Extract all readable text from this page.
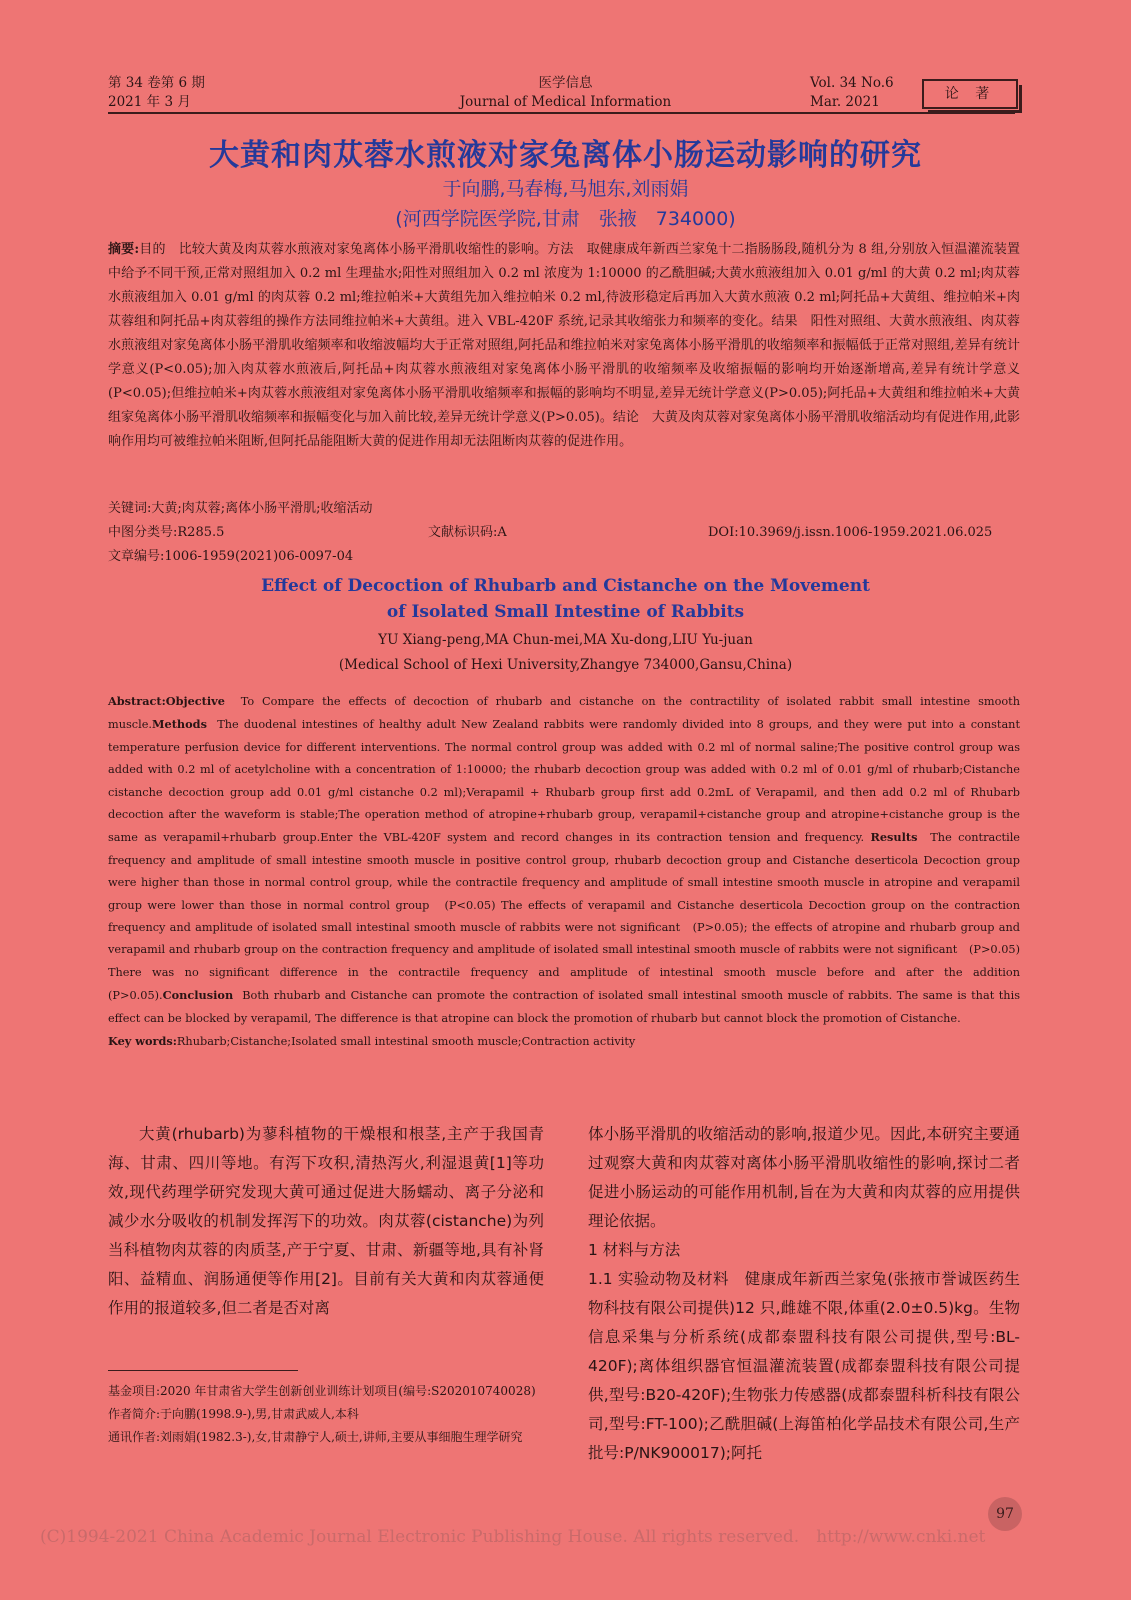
第 34 卷第 6 期
2021 年 3 月
医学信息
Journal of Medical Information
Vol. 34 No.6
Mar. 2021	论 著
大黄和肉苁蓉水煎液对家兔离体小肠运动影响的研究
于向鹏,马春梅,马旭东,刘雨娟
(河西学院医学院,甘肃　张掖　734000)
摘要:目的　比较大黄及肉苁蓉水煎液对家兔离体小肠平滑肌收缩性的影响。方法　取健康成年新西兰家兔十二指肠肠段,随机分为 8 组,分别放入恒温灌流装置中给予不同干预,正常对照组加入 0.2 ml 生理盐水;阳性对照组加入 0.2 ml 浓度为 1:10000 的乙酰胆碱;大黄水煎液组加入 0.01 g/ml 的大黄 0.2 ml;肉苁蓉水煎液组加入 0.01 g/ml 的肉苁蓉 0.2 ml;维拉帕米+大黄组先加入维拉帕米 0.2 ml,待波形稳定后再加入大黄水煎液 0.2 ml;阿托品+大黄组、维拉帕米+肉苁蓉组和阿托品+肉苁蓉组的操作方法同维拉帕米+大黄组。进入 VBL-420F 系统,记录其收缩张力和频率的变化。结果　阳性对照组、大黄水煎液组、肉苁蓉水煎液组对家兔离体小肠平滑肌收缩频率和收缩波幅均大于正常对照组,阿托品和维拉帕米对家兔离体小肠平滑肌的收缩频率和振幅低于正常对照组,差异有统计学意义(P<0.05);加入肉苁蓉水煎液后,阿托品+肉苁蓉水煎液组对家兔离体小肠平滑肌的收缩频率及收缩振幅的影响均开始逐渐增高,差异有统计学意义(P<0.05);但维拉帕米+肉苁蓉水煎液组对家兔离体小肠平滑肌收缩频率和振幅的影响均不明显,差异无统计学意义(P>0.05);阿托品+大黄组和维拉帕米+大黄组家兔离体小肠平滑肌收缩频率和振幅变化与加入前比较,差异无统计学意义(P>0.05)。结论　大黄及肉苁蓉对家兔离体小肠平滑肌收缩活动均有促进作用,此影响作用均可被维拉帕米阻断,但阿托品能阻断大黄的促进作用却无法阻断肉苁蓉的促进作用。
关键词:大黄;肉苁蓉;离体小肠平滑肌;收缩活动
中图分类号:R285.5	文献标识码:A	DOI:10.3969/j.issn.1006-1959.2021.06.025
文章编号:1006-1959(2021)06-0097-04
Effect of Decoction of Rhubarb and Cistanche on the Movement
of Isolated Small Intestine of Rabbits
YU Xiang-peng,MA Chun-mei,MA Xu-dong,LIU Yu-juan
(Medical School of Hexi University,Zhangye 734000,Gansu,China)
Abstract:Objective To Compare the effects of decoction of rhubarb and cistanche on the contractility of isolated rabbit small intestine smooth muscle.Methods The duodenal intestines of healthy adult New Zealand rabbits were randomly divided into 8 groups, and they were put into a constant temperature perfusion device for different interventions. The normal control group was added with 0.2 ml of normal saline;The positive control group was added with 0.2 ml of acetylcholine with a concentration of 1:10000; the rhubarb decoction group was added with 0.2 ml of 0.01 g/ml of rhubarb;Cistanche cistanche decoction group add 0.01 g/ml cistanche 0.2 ml);Verapamil + Rhubarb group first add 0.2mL of Verapamil, and then add 0.2 ml of Rhubarb decoction after the waveform is stable;The operation method of atropine+rhubarb group, verapamil+cistanche group and atropine+cistanche group is the same as verapamil+rhubarb group.Enter the VBL-420F system and record changes in its contraction tension and frequency. Results The contractile frequency and amplitude of small intestine smooth muscle in positive control group, rhubarb decoction group and Cistanche deserticola Decoction group were higher than those in normal control group, while the contractile frequency and amplitude of small intestine smooth muscle in atropine and verapamil group were lower than those in normal control group　(P<0.05) The effects of verapamil and Cistanche deserticola Decoction group on the contraction frequency and amplitude of isolated small intestinal smooth muscle of rabbits were not significant　(P>0.05); the effects of atropine and rhubarb group and verapamil and rhubarb group on the contraction frequency and amplitude of isolated small intestinal smooth muscle of rabbits were not significant　(P>0.05) There was no significant difference in the contractile frequency and amplitude of intestinal smooth muscle before and after the addition (P>0.05).Conclusion Both rhubarb and Cistanche can promote the contraction of isolated small intestinal smooth muscle of rabbits. The same is that this effect can be blocked by verapamil, The difference is that atropine can block the promotion of rhubarb but cannot block the promotion of Cistanche.
Key words:Rhubarb;Cistanche;Isolated small intestinal smooth muscle;Contraction activity
大黄(rhubarb)为蓼科植物的干燥根和根茎,主产于我国青海、甘肃、四川等地。有泻下攻积,清热泻火,利湿退黄[1]等功效,现代药理学研究发现大黄可通过促进大肠蠕动、离子分泌和减少水分吸收的机制发挥泻下的功效。肉苁蓉(cistanche)为列当科植物肉苁蓉的肉质茎,产于宁夏、甘肃、新疆等地,具有补肾阳、益精血、润肠通便等作用[2]。目前有关大黄和肉苁蓉通便作用的报道较多,但二者是否对离
体小肠平滑肌的收缩活动的影响,报道少见。因此,本研究主要通过观察大黄和肉苁蓉对离体小肠平滑肌收缩性的影响,探讨二者促进小肠运动的可能作用机制,旨在为大黄和肉苁蓉的应用提供理论依据。
1 材料与方法
1.1 实验动物及材料　健康成年新西兰家兔(张掖市誉诚医药生物科技有限公司提供)12 只,雌雄不限,体重(2.0±0.5)kg。生物信息采集与分析系统(成都泰盟科技有限公司提供,型号:BL-420F);离体组织器官恒温灌流装置(成都泰盟科技有限公司提供,型号:B20-420F);生物张力传感器(成都泰盟科析科技有限公司,型号:FT-100);乙酰胆碱(上海笛柏化学品技术有限公司,生产批号:P/NK900017);阿托
基金项目:2020 年甘肃省大学生创新创业训练计划项目(编号:S202010740028)
作者简介:于向鹏(1998.9-),男,甘肃武威人,本科
通讯作者:刘雨娟(1982.3-),女,甘肃静宁人,硕士,讲师,主要从事细胞生理学研究
97
(C)1994-2021 China Academic Journal Electronic Publishing House. All rights reserved.　http://www.cnki.net
